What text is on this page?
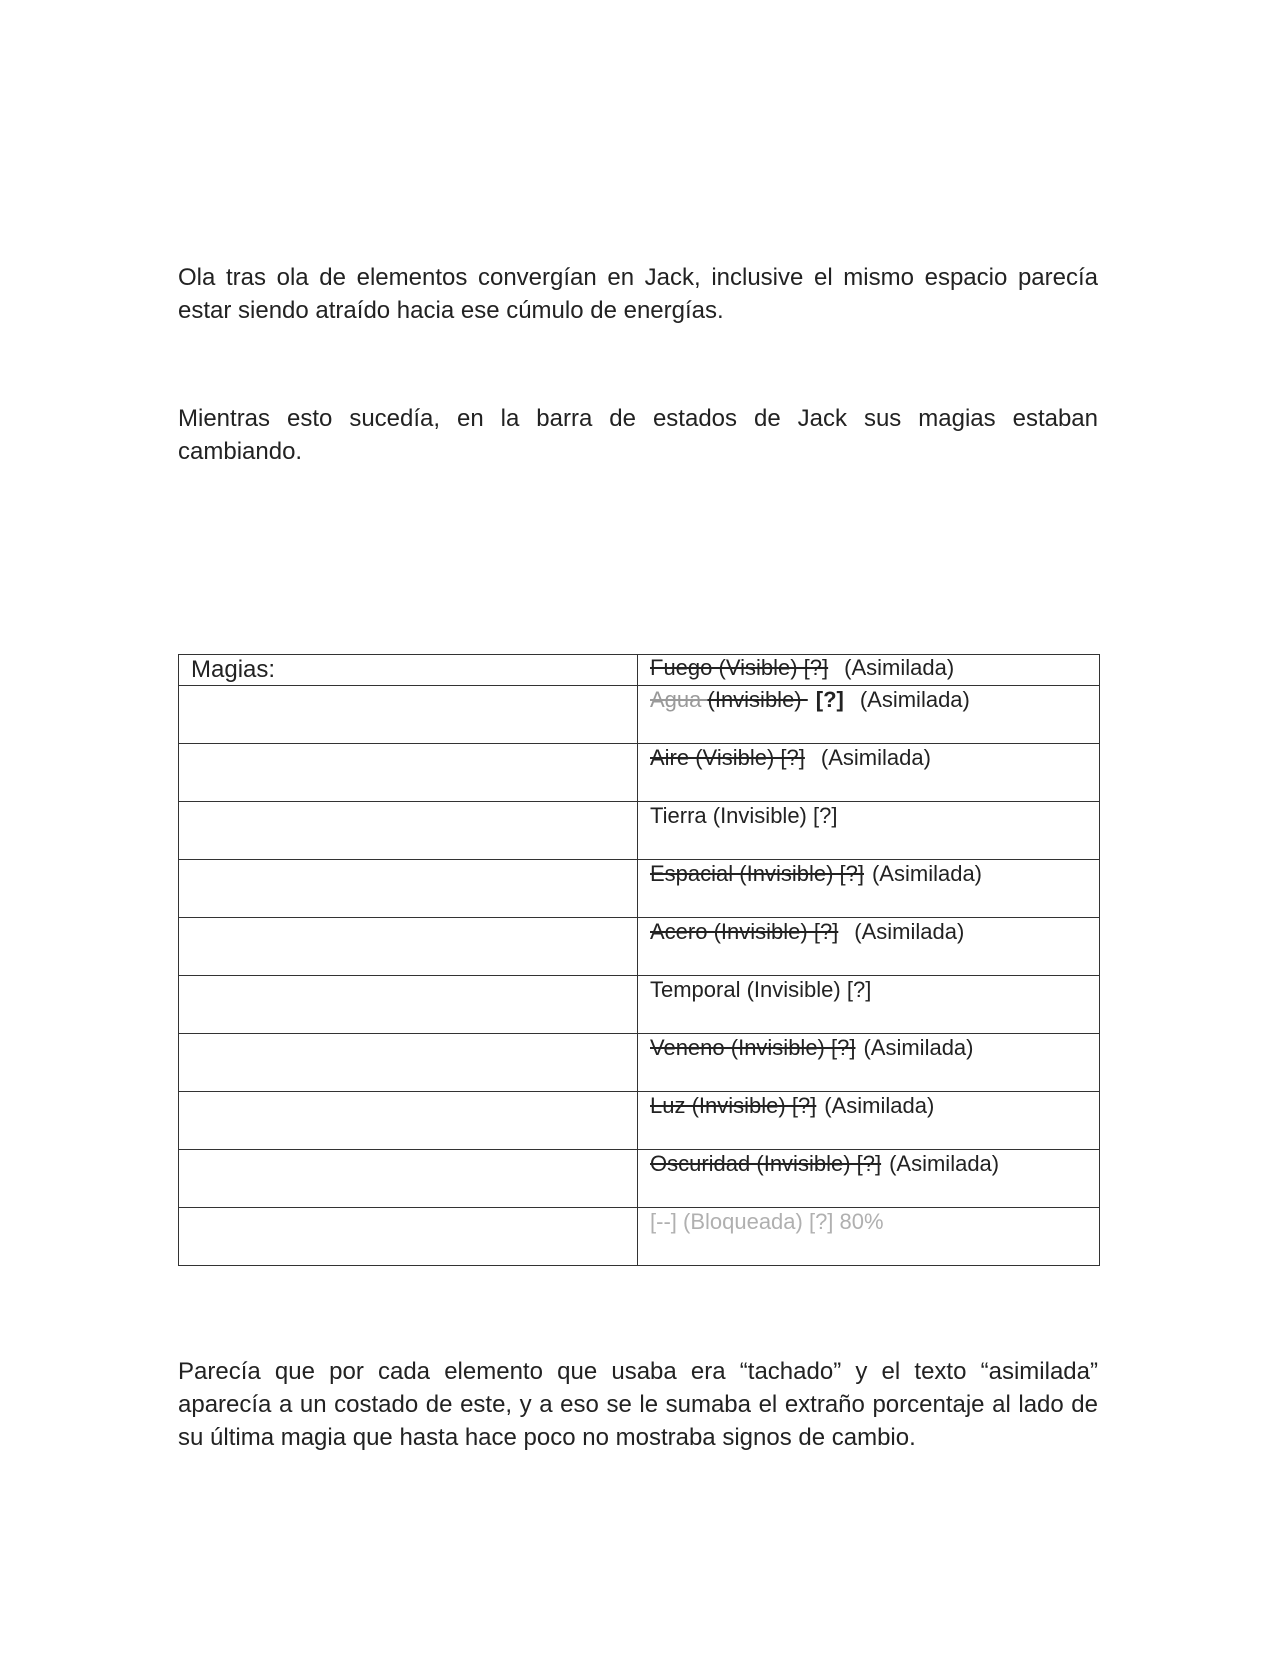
Ola tras ola de elementos convergían en Jack, inclusive el mismo espacio parecía estar siendo atraído hacia ese cúmulo de energías.

Mientras esto sucedía, en la barra de estados de Jack sus magias estaban cambiando.

Magias:	Fuego (Visible) [?] (Asimilada)
	Agua (Invisible) [?] (Asimilada)
	Aire (Visible) [?] (Asimilada)
	Tierra (Invisible) [?]
	Espacial (Invisible) [?] (Asimilada)
	Acero (Invisible) [?] (Asimilada)
	Temporal (Invisible) [?]
	Veneno (Invisible) [?] (Asimilada)
	Luz (Invisible) [?] (Asimilada)
	Oscuridad (Invisible) [?] (Asimilada)
	[--] (Bloqueada) [?] 80%

Parecía que por cada elemento que usaba era “tachado” y el texto “asimilada” aparecía a un costado de este, y a eso se le sumaba el extraño porcentaje al lado de su última magia que hasta hace poco no mostraba signos de cambio.
